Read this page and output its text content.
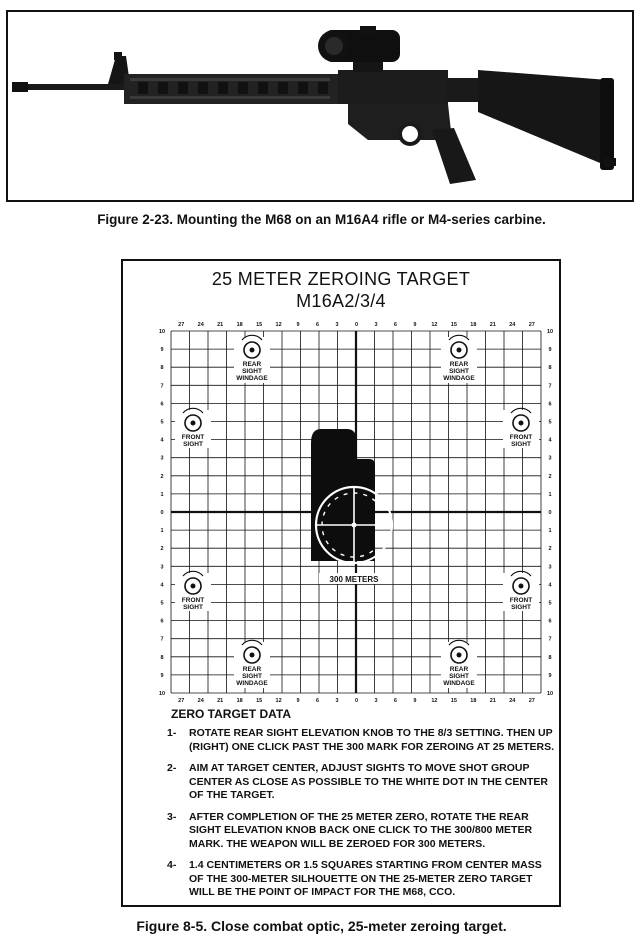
Figure 2-23. Mounting the M68 on an M16A4 rifle or M4-series carbine.
25 METER ZEROING TARGET
M16A2/3/4
27
27
24
24
21
21
18
18
15
15
12
12
9
9
6
6
3
3
0
0
3
3
6
6
9
9
12
12
15
15
18
18
21
21
24
24
27
27
10	10
9	9
8	8
7	7
6	6
5	5
4	4
3	3
2	2
1	1
0	0
1	1
2	2
3	3
4	4
5	5
6	6
7	7
8	8
9	9
10	10
300 METERS
REAR
SIGHT
WINDAGE
REAR
SIGHT
WINDAGE
FRONT
SIGHT
FRONT
SIGHT
FRONT
SIGHT
FRONT
SIGHT
REAR
SIGHT
WINDAGE
REAR
SIGHT
WINDAGE
ZERO TARGET DATA
1-	ROTATE REAR SIGHT ELEVATION KNOB TO THE 8/3 SETTING. THEN UP (RIGHT) ONE CLICK PAST THE 300 MARK FOR ZEROING AT 25 METERS.
2-	AIM AT TARGET CENTER, ADJUST SIGHTS TO MOVE SHOT GROUP CENTER AS CLOSE AS POSSIBLE TO THE WHITE DOT IN THE CENTER OF THE TARGET.
3-	AFTER COMPLETION OF THE 25 METER ZERO, ROTATE THE REAR SIGHT ELEVATION KNOB BACK ONE CLICK TO THE 300/800 METER MARK. THE WEAPON WILL BE ZEROED FOR 300 METERS.
4-	1.4 CENTIMETERS OR 1.5 SQUARES STARTING FROM CENTER MASS OF THE 300-METER SILHOUETTE ON THE 25-METER ZERO TARGET WILL BE THE POINT OF IMPACT FOR THE M68, CCO.
Figure 8-5. Close combat optic, 25-meter zeroing target.
